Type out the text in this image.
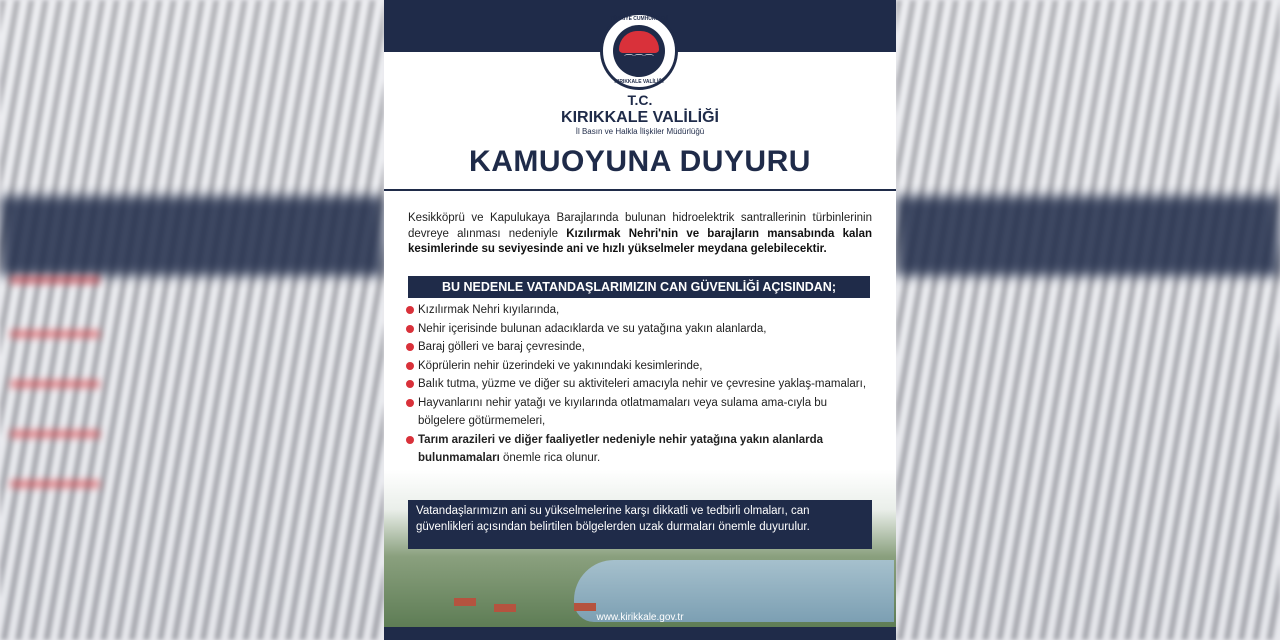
TÜRKİYE CUMHURİYETİ
⌒⌒⌒
KIRIKKALE VALİLİĞİ
T.C.
KIRIKKALE VALİLİĞİ
İl Basın ve Halkla İlişkiler Müdürlüğü
KAMUOYUNA DUYURU
Kesikköprü ve Kapulukaya Barajlarında bulunan hidroelektrik santrallerinin türbinlerinin devreye alınması nedeniyle Kızılırmak Nehri'nin ve barajların mansabında kalan kesimlerinde su seviyesinde ani ve hızlı yükselmeler meydana gelebilecektir.
BU NEDENLE VATANDAŞLARIMIZIN CAN GÜVENLİĞİ AÇISINDAN;
Kızılırmak Nehri kıyılarında,
Nehir içerisinde bulunan adacıklarda ve su yatağına yakın alanlarda,
Baraj gölleri ve baraj çevresinde,
Köprülerin nehir üzerindeki ve yakınındaki kesimlerinde,
Balık tutma, yüzme ve diğer su aktiviteleri amacıyla nehir ve çevresine yaklaş-mamaları,
Hayvanlarını nehir yatağı ve kıyılarında otlatmamaları veya sulama ama-cıyla bu bölgelere götürmemeleri,
Tarım arazileri ve diğer faaliyetler nedeniyle nehir yatağına yakın alanlarda bulunmamaları önemle rica olunur.
Vatandaşlarımızın ani su yükselmelerine karşı dikkatli ve tedbirli olmaları, can güvenlikleri açısından belirtilen bölgelerden uzak durmaları önemle duyurulur.
www.kirikkale.gov.tr
